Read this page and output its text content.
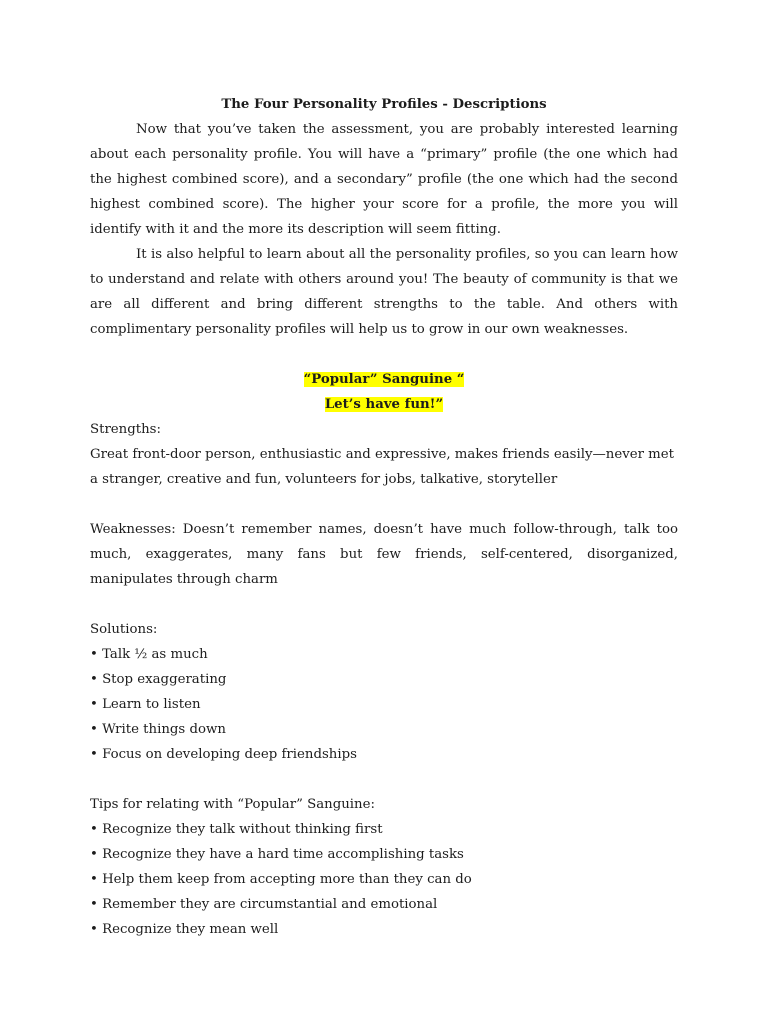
The Four Personality Profiles - Descriptions

Now that you’ve taken the assessment, you are probably interested learning about each personality profile. You will have a “primary” profile (the one which had the highest combined score), and a secondary” profile (the one which had the second highest combined score). The higher your score for a profile, the more you will identify with it and the more its description will seem fitting.

It is also helpful to learn about all the personality profiles, so you can learn how to understand and relate with others around you! The beauty of community is that we are all different and bring different strengths to the table. And others with complimentary personality profiles will help us to grow in our own weaknesses.

“Popular” Sanguine “

Let’s have fun!”

Strengths:

Great front-door person, enthusiastic and expressive, makes friends easily—never met a stranger, creative and fun, volunteers for jobs, talkative, storyteller

Weaknesses: Doesn’t remember names, doesn’t have much follow-through, talk too much, exaggerates, many fans but few friends, self-centered, disorganized, manipulates through charm

Solutions:

• Talk ½ as much
• Stop exaggerating
• Learn to listen
• Write things down
• Focus on developing deep friendships

Tips for relating with “Popular” Sanguine:

• Recognize they talk without thinking first
• Recognize they have a hard time accomplishing tasks
• Help them keep from accepting more than they can do
• Remember they are circumstantial and emotional
• Recognize they mean well
